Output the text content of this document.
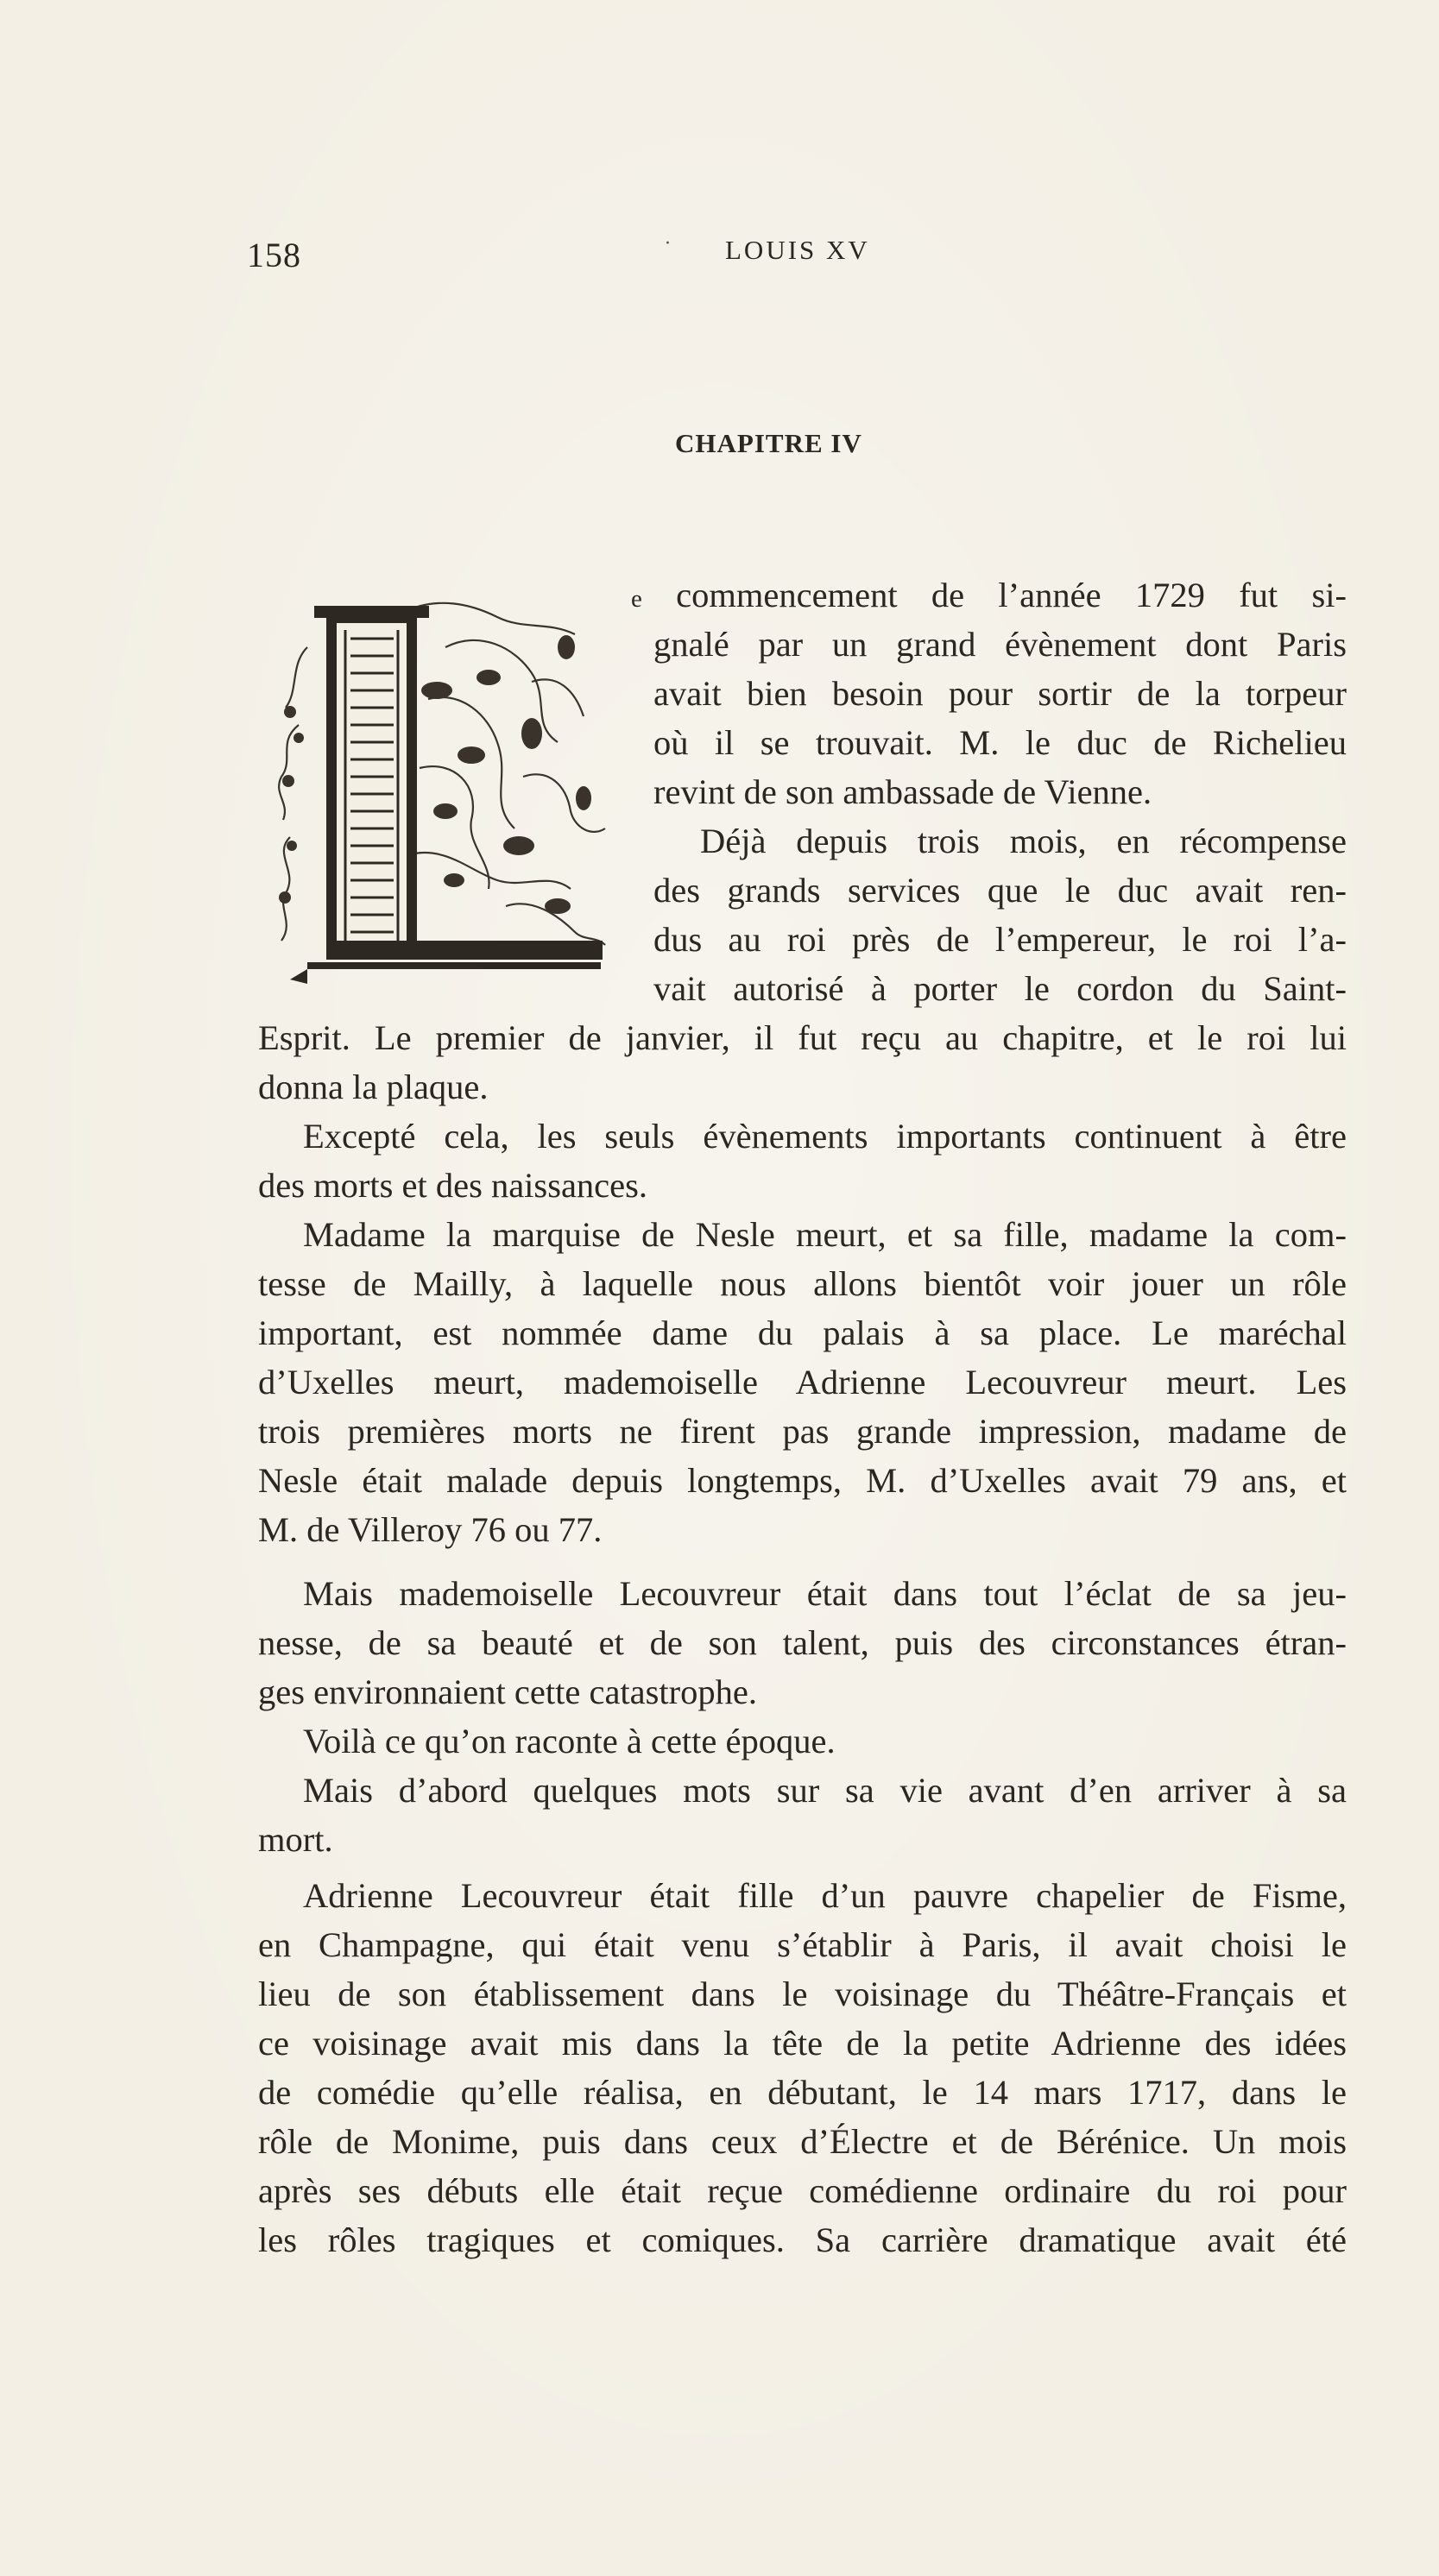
158	· LOUIS XV
CHAPITRE IV
e commencement de l’année 1729 fut si-
gnalé par un grand évènement dont Paris
avait bien besoin pour sortir de la torpeur
où il se trouvait. M. le duc de Richelieu
revint de son ambassade de Vienne.
Déjà depuis trois mois, en récompense
des grands services que le duc avait ren-
dus au roi près de l’empereur, le roi l’a-
vait autorisé à porter le cordon du Saint-
Esprit. Le premier de janvier, il fut reçu au chapitre, et le roi lui
donna la plaque.
Excepté cela, les seuls évènements importants continuent à être
des morts et des naissances.
Madame la marquise de Nesle meurt, et sa fille, madame la com-
tesse de Mailly, à laquelle nous allons bientôt voir jouer un rôle
important, est nommée dame du palais à sa place. Le maréchal
d’Uxelles meurt, mademoiselle Adrienne Lecouvreur meurt. Les
trois premières morts ne firent pas grande impression, madame de
Nesle était malade depuis longtemps, M. d’Uxelles avait 79 ans, et
M. de Villeroy 76 ou 77.
Mais mademoiselle Lecouvreur était dans tout l’éclat de sa jeu-
nesse, de sa beauté et de son talent, puis des circonstances étran-
ges environnaient cette catastrophe.
Voilà ce qu’on raconte à cette époque.
Mais d’abord quelques mots sur sa vie avant d’en arriver à sa
mort.
Adrienne Lecouvreur était fille d’un pauvre chapelier de Fisme,
en Champagne, qui était venu s’établir à Paris, il avait choisi le
lieu de son établissement dans le voisinage du Théâtre-Français et
ce voisinage avait mis dans la tête de la petite Adrienne des idées
de comédie qu’elle réalisa, en débutant, le 14 mars 1717, dans le
rôle de Monime, puis dans ceux d’Électre et de Bérénice. Un mois
après ses débuts elle était reçue comédienne ordinaire du roi pour
les rôles tragiques et comiques. Sa carrière dramatique avait été
